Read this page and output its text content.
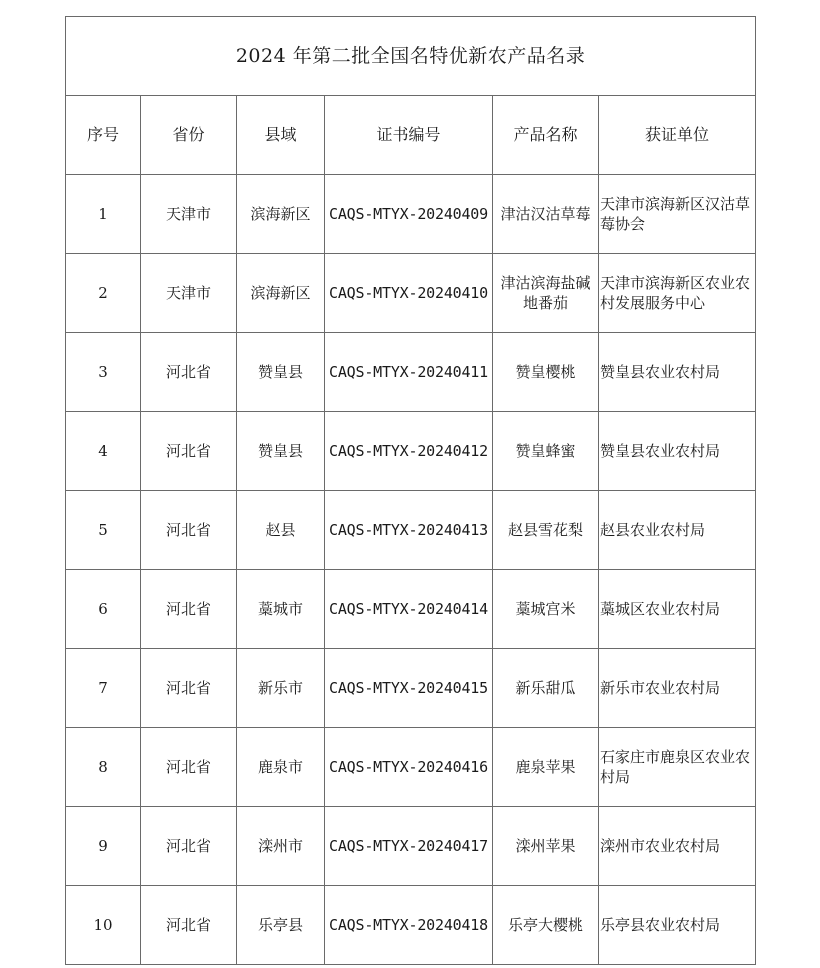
2024 年第二批全国名特优新农产品名录					
序号	省份	县域	证书编号	产品名称	获证单位
1	天津市	滨海新区	CAQS-MTYX-20240409	津沽汉沽草莓	天津市滨海新区汉沽草莓协会
2	天津市	滨海新区	CAQS-MTYX-20240410	津沽滨海盐碱地番茄	天津市滨海新区农业农村发展服务中心
3	河北省	赞皇县	CAQS-MTYX-20240411	赞皇樱桃	赞皇县农业农村局
4	河北省	赞皇县	CAQS-MTYX-20240412	赞皇蜂蜜	赞皇县农业农村局
5	河北省	赵县	CAQS-MTYX-20240413	赵县雪花梨	赵县农业农村局
6	河北省	藁城市	CAQS-MTYX-20240414	藁城宫米	藁城区农业农村局
7	河北省	新乐市	CAQS-MTYX-20240415	新乐甜瓜	新乐市农业农村局
8	河北省	鹿泉市	CAQS-MTYX-20240416	鹿泉苹果	石家庄市鹿泉区农业农村局
9	河北省	滦州市	CAQS-MTYX-20240417	滦州苹果	滦州市农业农村局
10	河北省	乐亭县	CAQS-MTYX-20240418	乐亭大樱桃	乐亭县农业农村局
